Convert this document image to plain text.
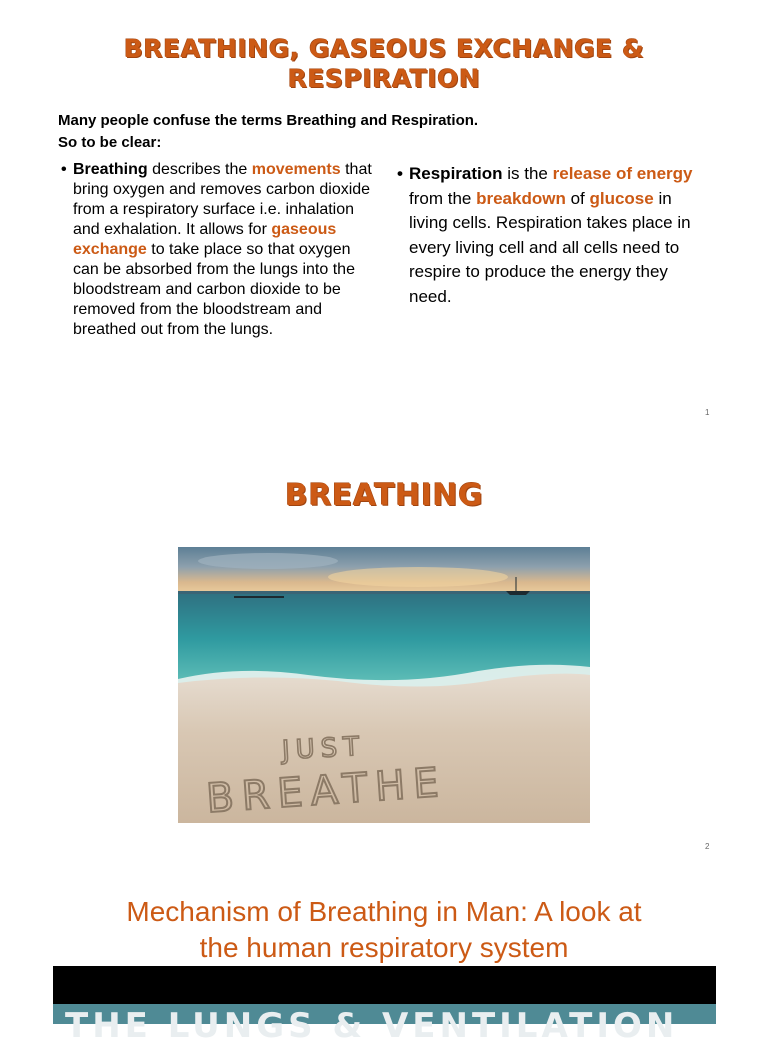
BREATHING, GASEOUS EXCHANGE &
RESPIRATION
Many people confuse the terms Breathing and Respiration.
So to be clear:
• Breathing describes the movements that bring oxygen and removes carbon dioxide from a respiratory surface i.e. inhalation and exhalation. It allows for gaseous exchange to take place so that oxygen can be absorbed from the lungs into the bloodstream and carbon dioxide to be removed from the bloodstream and breathed out from the lungs.
• Respiration is the release of energy from the breakdown of glucose in living cells. Respiration takes place in every living cell and all cells need to respire to produce the energy they need.
1
BREATHING
JUST
BREATHE
2
Mechanism of Breathing in Man: A look at
the human respiratory system
THE LUNGS & VENTILATION
